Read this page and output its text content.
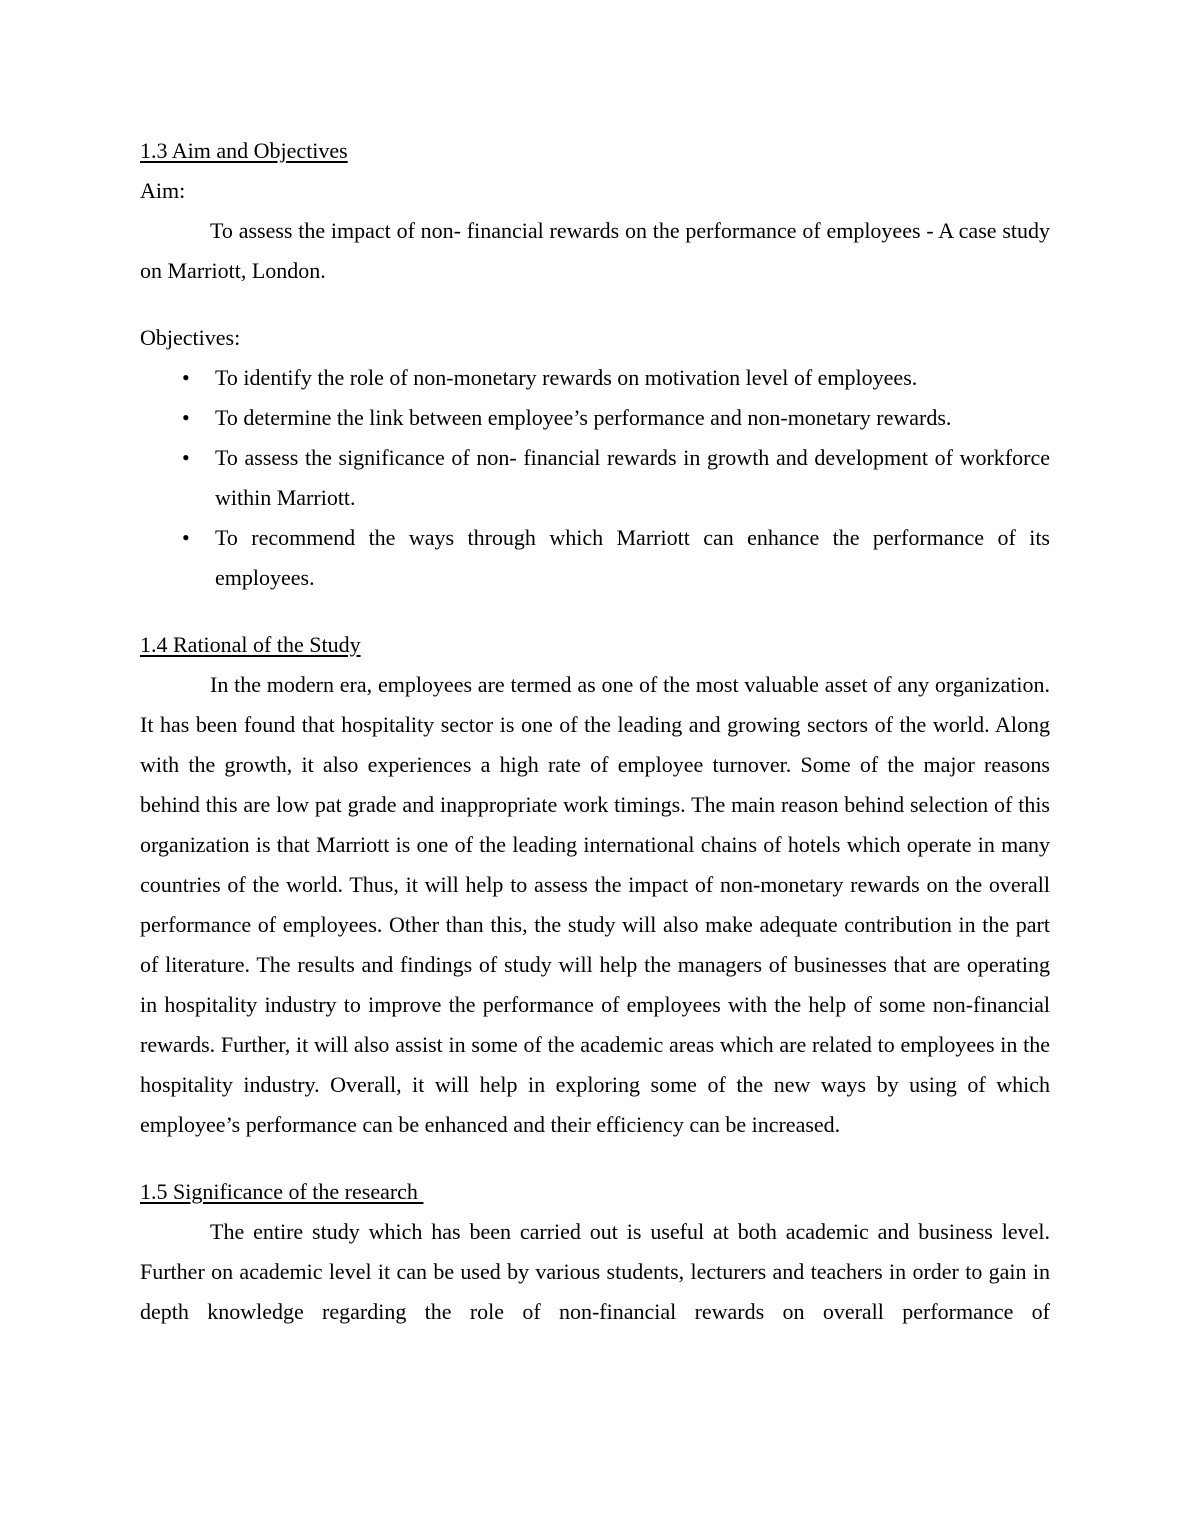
1.3 Aim and Objectives

Aim:

To assess the impact of non- financial rewards on the performance of employees - A case study on Marriott, London.

Objectives:

• To identify the role of non-monetary rewards on motivation level of employees.
• To determine the link between employee’s performance and non-monetary rewards.
• To assess the significance of non- financial rewards in growth and development of workforce within Marriott.
• To recommend the ways through which Marriott can enhance the performance of its employees.
1.4 Rational of the Study

In the modern era, employees are termed as one of the most valuable asset of any organization. It has been found that hospitality sector is one of the leading and growing sectors of the world. Along with the growth, it also experiences a high rate of employee turnover. Some of the major reasons behind this are low pat grade and inappropriate work timings. The main reason behind selection of this organization is that Marriott is one of the leading international chains of hotels which operate in many countries of the world. Thus, it will help to assess the impact of non-monetary rewards on the overall performance of employees. Other than this, the study will also make adequate contribution in the part of literature. The results and findings of study will help the managers of businesses that are operating in hospitality industry to improve the performance of employees with the help of some non-financial rewards. Further, it will also assist in some of the academic areas which are related to employees in the hospitality industry. Overall, it will help in exploring some of the new ways by using of which employee’s performance can be enhanced and their efficiency can be increased.

1.5 Significance of the research

The entire study which has been carried out is useful at both academic and business level. Further on academic level it can be used by various students, lecturers and teachers in order to gain in depth knowledge regarding the role of non-financial rewards on overall performance of
